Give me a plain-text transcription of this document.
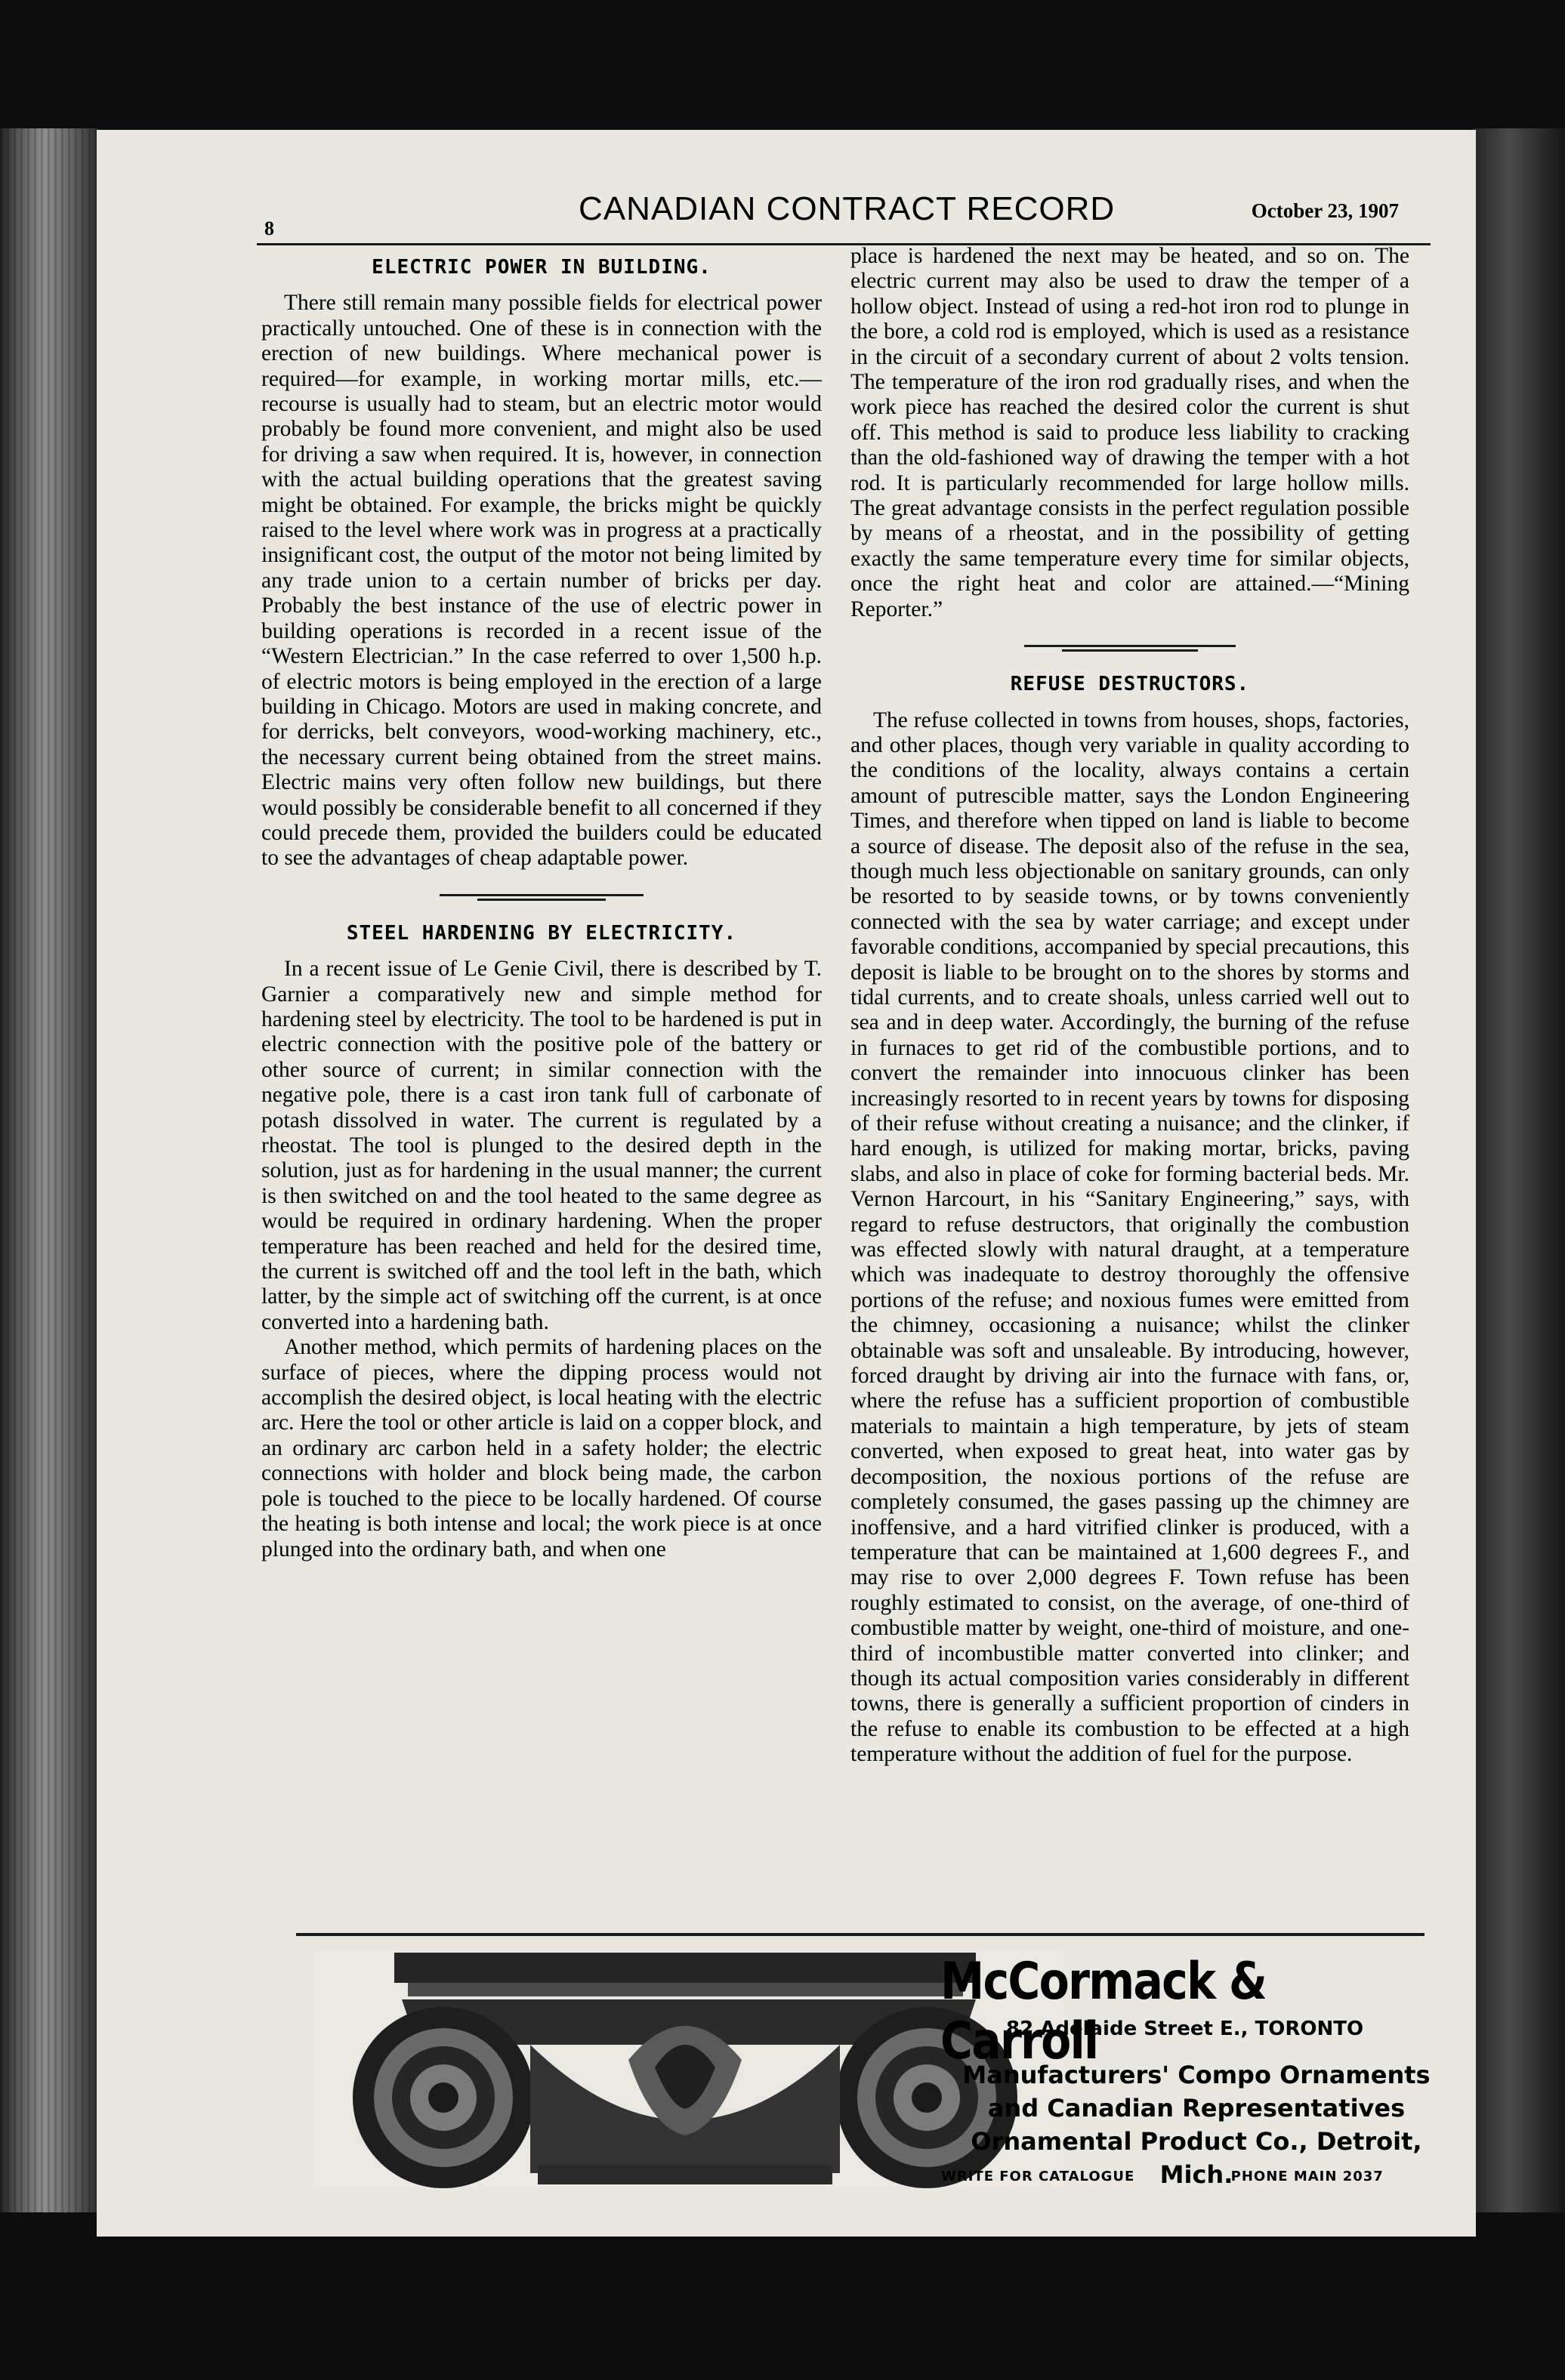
8
CANADIAN CONTRACT RECORD	October 23, 1907
ELECTRIC POWER IN BUILDING.

There still remain many possible fields for electrical power practically untouched. One of these is in connection with the erection of new buildings. Where mechanical power is required—for example, in working mortar mills, etc.—recourse is usually had to steam, but an electric motor would probably be found more convenient, and might also be used for driving a saw when required. It is, however, in connection with the actual building operations that the greatest saving might be obtained. For example, the bricks might be quickly raised to the level where work was in progress at a practically insignificant cost, the output of the motor not being limited by any trade union to a certain number of bricks per day. Probably the best instance of the use of electric power in building operations is recorded in a recent issue of the “Western Electrician.” In the case referred to over 1,500 h.p. of electric motors is being employed in the erection of a large building in Chicago. Motors are used in making concrete, and for derricks, belt conveyors, wood-working machinery, etc., the necessary current being obtained from the street mains. Electric mains very often follow new buildings, but there would possibly be considerable benefit to all concerned if they could precede them, provided the builders could be educated to see the advantages of cheap adaptable power.

STEEL HARDENING BY ELECTRICITY.

In a recent issue of Le Genie Civil, there is described by T. Garnier a comparatively new and simple method for hardening steel by electricity. The tool to be hardened is put in electric connection with the positive pole of the battery or other source of current; in similar connection with the negative pole, there is a cast iron tank full of carbonate of potash dissolved in water. The current is regulated by a rheostat. The tool is plunged to the desired depth in the solution, just as for hardening in the usual manner; the current is then switched on and the tool heated to the same degree as would be required in ordinary hardening. When the proper temperature has been reached and held for the desired time, the current is switched off and the tool left in the bath, which latter, by the simple act of switching off the current, is at once converted into a hardening bath.

Another method, which permits of hardening places on the surface of pieces, where the dipping process would not accomplish the desired object, is local heating with the electric arc. Here the tool or other article is laid on a copper block, and an ordinary arc carbon held in a safety holder; the electric connections with holder and block being made, the carbon pole is touched to the piece to be locally hardened. Of course the heating is both intense and local; the work piece is at once plunged into the ordinary bath, and when one

place is hardened the next may be heated, and so on. The electric current may also be used to draw the temper of a hollow object. Instead of using a red-hot iron rod to plunge in the bore, a cold rod is employed, which is used as a resistance in the circuit of a secondary current of about 2 volts tension. The temperature of the iron rod gradually rises, and when the work piece has reached the desired color the current is shut off. This method is said to produce less liability to cracking than the old-fashioned way of drawing the temper with a hot rod. It is particularly recommended for large hollow mills. The great advantage consists in the perfect regulation possible by means of a rheostat, and in the possibility of getting exactly the same temperature every time for similar objects, once the right heat and color are attained.—“Mining Reporter.”

REFUSE DESTRUCTORS.

The refuse collected in towns from houses, shops, factories, and other places, though very variable in quality according to the conditions of the locality, always contains a certain amount of putrescible matter, says the London Engineering Times, and therefore when tipped on land is liable to become a source of disease. The deposit also of the refuse in the sea, though much less objectionable on sanitary grounds, can only be resorted to by seaside towns, or by towns conveniently connected with the sea by water carriage; and except under favorable conditions, accompanied by special precautions, this deposit is liable to be brought on to the shores by storms and tidal currents, and to create shoals, unless carried well out to sea and in deep water. Accordingly, the burning of the refuse in furnaces to get rid of the combustible portions, and to convert the remainder into innocuous clinker has been increasingly resorted to in recent years by towns for disposing of their refuse without creating a nuisance; and the clinker, if hard enough, is utilized for making mortar, bricks, paving slabs, and also in place of coke for forming bacterial beds. Mr. Vernon Harcourt, in his “Sanitary Engineering,” says, with regard to refuse destructors, that originally the combustion was effected slowly with natural draught, at a temperature which was inadequate to destroy thoroughly the offensive portions of the refuse; and noxious fumes were emitted from the chimney, occasioning a nuisance; whilst the clinker obtainable was soft and unsaleable. By introducing, however, forced draught by driving air into the furnace with fans, or, where the refuse has a sufficient proportion of combustible materials to maintain a high temperature, by jets of steam converted, when exposed to great heat, into water gas by decomposition, the noxious portions of the refuse are completely consumed, the gases passing up the chimney are inoffensive, and a hard vitrified clinker is produced, with a temperature that can be maintained at 1,600 degrees F., and may rise to over 2,000 degrees F. Town refuse has been roughly estimated to consist, on the average, of one-third of combustible matter by weight, one-third of moisture, and one-third of incombustible matter converted into clinker; and though its actual composition varies considerably in different towns, there is generally a sufficient proportion of cinders in the refuse to enable its combustion to be effected at a high temperature without the addition of fuel for the purpose.

McCormack & Carroll
82 Adelaide Street E., TORONTO
Manufacturers' Compo Ornaments and Canadian Representatives Ornamental Product Co., Detroit, Mich.
WRITE FOR CATALOGUE	PHONE MAIN 2037
